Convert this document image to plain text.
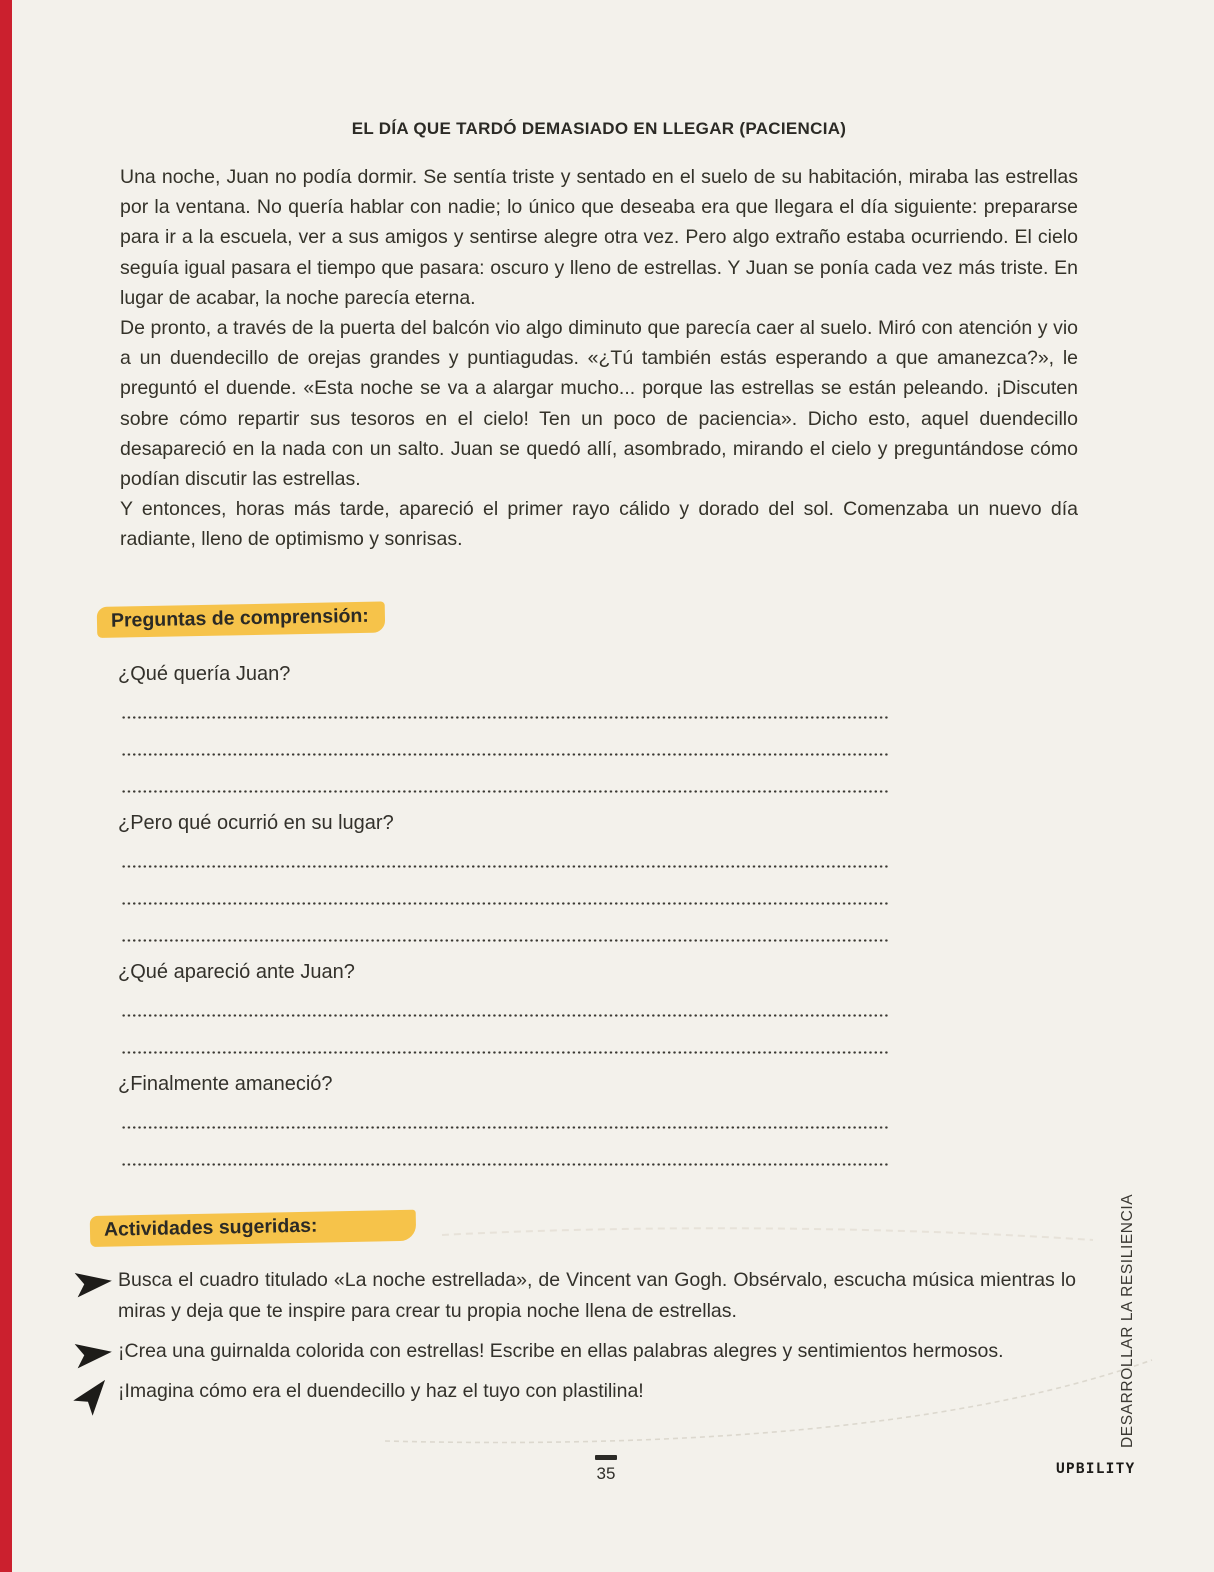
EL DÍA QUE TARDÓ DEMASIADO EN LLEGAR (PACIENCIA)

Una noche, Juan no podía dormir. Se sentía triste y sentado en el suelo de su habitación, miraba las estrellas por la ventana. No quería hablar con nadie; lo único que deseaba era que llegara el día siguiente: prepararse para ir a la escuela, ver a sus amigos y sentirse alegre otra vez. Pero algo extraño estaba ocurriendo. El cielo seguía igual pasara el tiempo que pasara: oscuro y lleno de estrellas. Y Juan se ponía cada vez más triste. En lugar de acabar, la noche parecía eterna.

De pronto, a través de la puerta del balcón vio algo diminuto que parecía caer al suelo. Miró con atención y vio a un duendecillo de orejas grandes y puntiagudas. «¿Tú también estás esperando a que amanezca?», le preguntó el duende. «Esta noche se va a alargar mucho... porque las estrellas se están peleando. ¡Discuten sobre cómo repartir sus tesoros en el cielo! Ten un poco de paciencia». Dicho esto, aquel duendecillo desapareció en la nada con un salto. Juan se quedó allí, asombrado, mirando el cielo y preguntándose cómo podían discutir las estrellas.

Y entonces, horas más tarde, apareció el primer rayo cálido y dorado del sol. Comenzaba un nuevo día radiante, lleno de optimismo y sonrisas.

Preguntas de comprensión:

¿Qué quería Juan?

¿Pero qué ocurrió en su lugar?

¿Qué apareció ante Juan?

¿Finalmente amaneció?

Actividades sugeridas:

Busca el cuadro titulado «La noche estrellada», de Vincent van Gogh. Obsérvalo, escucha música mientras lo miras y deja que te inspire para crear tu propia noche llena de estrellas.

¡Crea una guirnalda colorida con estrellas! Escribe en ellas palabras alegres y sentimientos hermosos.

¡Imagina cómo era el duendecillo y haz el tuyo con plastilina!	DESARROLLAR LA RESILIENCIA
35	UPBILITY
